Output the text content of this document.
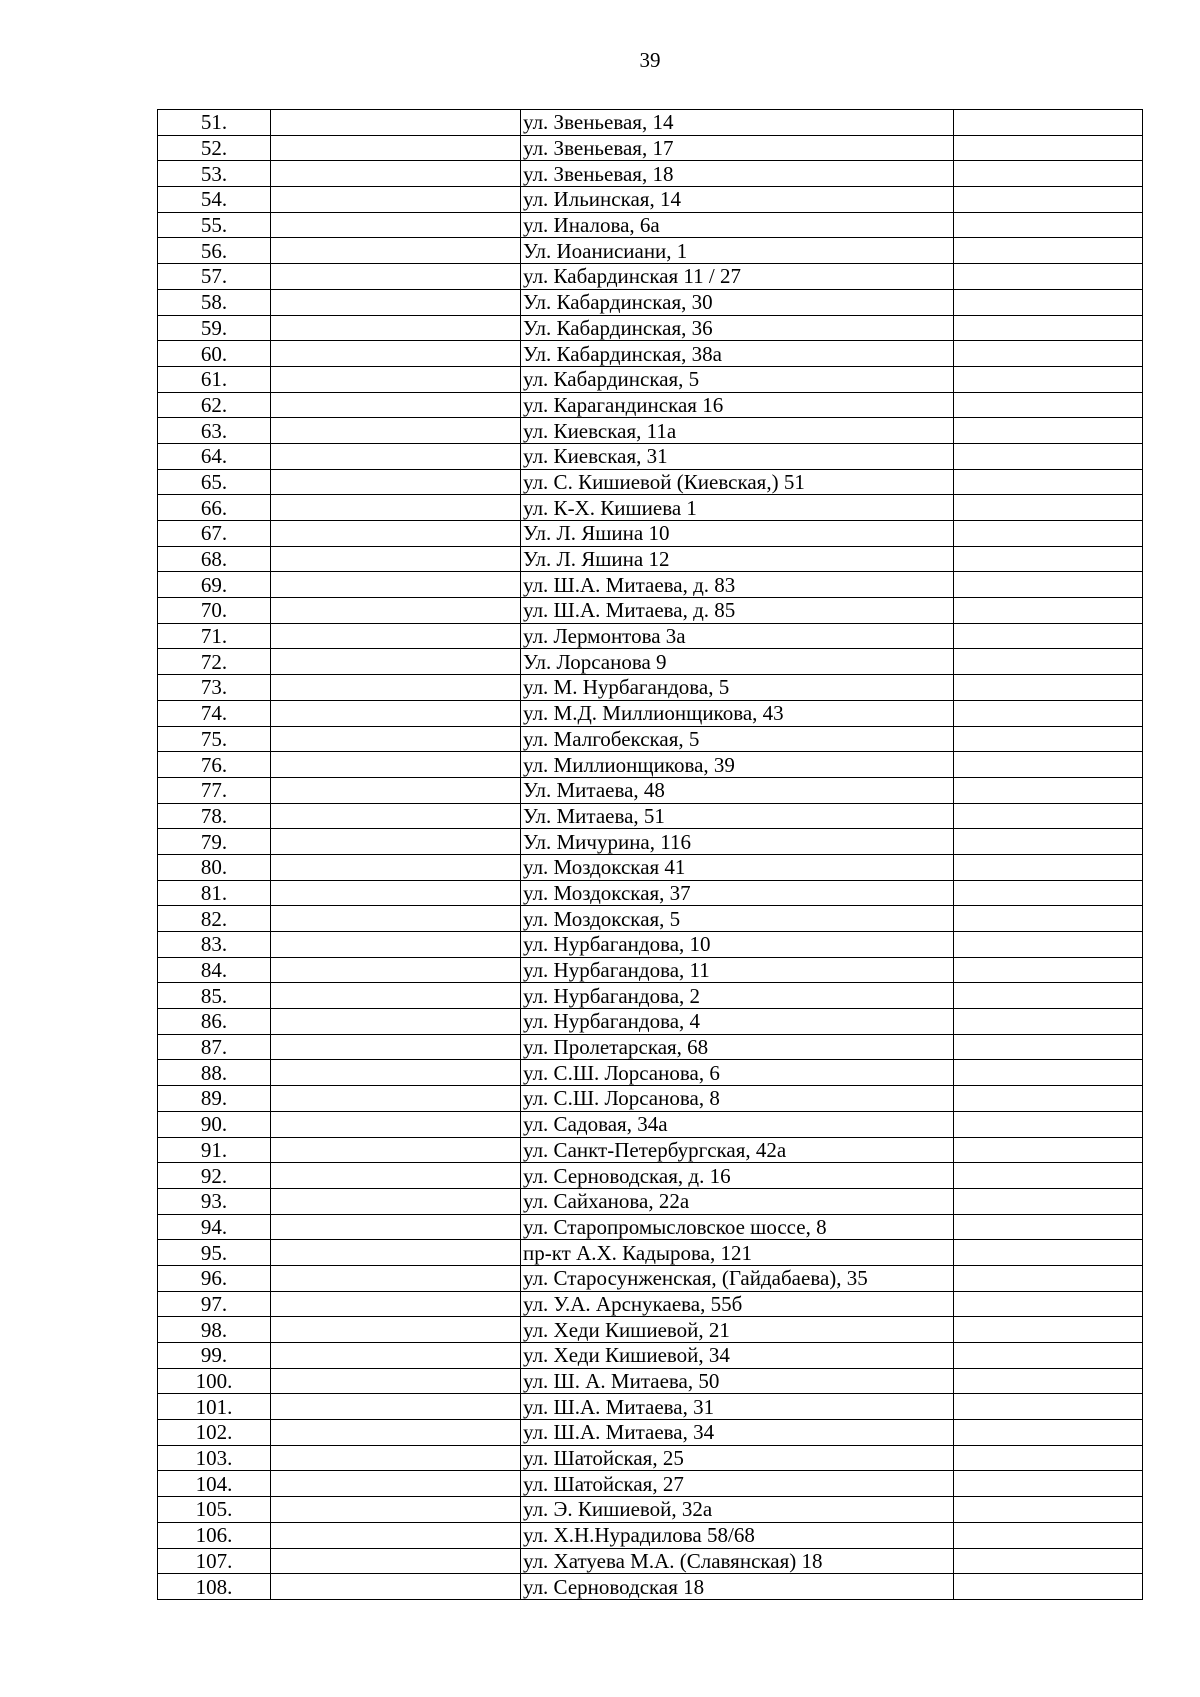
39
51.		ул. Звеньевая, 14	
52.		ул. Звеньевая, 17	
53.		ул. Звеньевая, 18	
54.		ул. Ильинская, 14	
55.		ул. Иналова, 6а	
56.		Ул. Иоанисиани, 1	
57.		ул. Кабардинская 11 / 27	
58.		Ул. Кабардинская, 30	
59.		Ул. Кабардинская, 36	
60.		Ул. Кабардинская, 38а	
61.		ул. Кабардинская, 5	
62.		ул. Карагандинская 16	
63.		ул. Киевская, 11а	
64.		ул. Киевская, 31	
65.		ул. С. Кишиевой (Киевская,) 51	
66.		ул. К-Х. Кишиева 1	
67.		Ул. Л. Яшина 10	
68.		Ул. Л. Яшина 12	
69.		ул. Ш.А. Митаева, д. 83	
70.		ул. Ш.А. Митаева, д. 85	
71.		ул. Лермонтова 3а	
72.		Ул. Лорсанова 9	
73.		ул. М. Нурбагандова, 5	
74.		ул. М.Д. Миллионщикова, 43	
75.		ул. Малгобекская, 5	
76.		ул. Миллионщикова, 39	
77.		Ул. Митаева, 48	
78.		Ул. Митаева, 51	
79.		Ул. Мичурина, 116	
80.		ул. Моздокская 41	
81.		ул. Моздокская, 37	
82.		ул. Моздокская, 5	
83.		ул. Нурбагандова, 10	
84.		ул. Нурбагандова, 11	
85.		ул. Нурбагандова, 2	
86.		ул. Нурбагандова, 4	
87.		ул. Пролетарская, 68	
88.		ул. С.Ш. Лорсанова, 6	
89.		ул. С.Ш. Лорсанова, 8	
90.		ул. Садовая, 34а	
91.		ул. Санкт-Петербургская, 42а	
92.		ул. Серноводская, д. 16	
93.		ул. Сайханова, 22а	
94.		ул. Старопромысловское шоссе, 8	
95.		пр-кт А.Х. Кадырова, 121	
96.		ул. Старосунженская, (Гайдабаева), 35	
97.		ул. У.А. Арснукаева, 55б	
98.		ул. Хеди Кишиевой, 21	
99.		ул. Хеди Кишиевой, 34	
100.		ул. Ш. А. Митаева, 50	
101.		ул. Ш.А. Митаева, 31	
102.		ул. Ш.А. Митаева, 34	
103.		ул. Шатойская, 25	
104.		ул. Шатойская, 27	
105.		ул. Э. Кишиевой, 32а	
106.		ул. Х.Н.Нурадилова 58/68	
107.		ул. Хатуева М.А. (Славянская) 18	
108.		ул. Серноводская 18	
